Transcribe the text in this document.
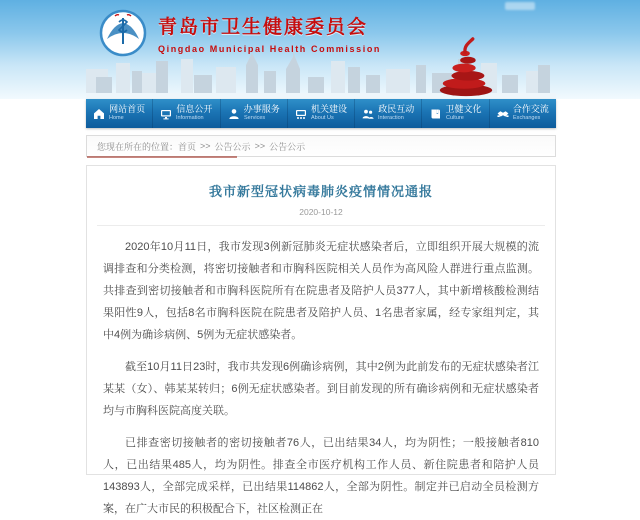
青岛市卫生健康委员会
Qingdao Municipal Health Commission
网站首页
Home
信息公开
Information
办事服务
Services
机关建设
About Us
政民互动
Interaction
卫健文化
Culture
合作交流
Exchanges
您现在所在的位置： 首页 >> 公告公示 >> 公告公示
我市新型冠状病毒肺炎疫情情况通报
2020-10-12

2020年10月11日，我市发现3例新冠肺炎无症状感染者后，立即组织开展大规模的流调排查和分类检测，将密切接触者和市胸科医院相关人员作为高风险人群进行重点监测。共排查到密切接触者和市胸科医院所有在院患者及陪护人员377人，其中新增核酸检测结果阳性9人，包括8名市胸科医院在院患者及陪护人员、1名患者家属，经专家组判定，其中4例为确诊病例、5例为无症状感染者。

截至10月11日23时，我市共发现6例确诊病例，其中2例为此前发布的无症状感染者江某某（女）、韩某某转归；6例无症状感染者。到目前发现的所有确诊病例和无症状感染者均与市胸科医院高度关联。

已排查密切接触者的密切接触者76人，已出结果34人，均为阴性；一般接触者810人，已出结果485人，均为阴性。排查全市医疗机构工作人员、新住院患者和陪护人员143893人，全部完成采样，已出结果114862人，全部为阴性。制定并已启动全员检测方案，在广大市民的积极配合下，社区检测正在
